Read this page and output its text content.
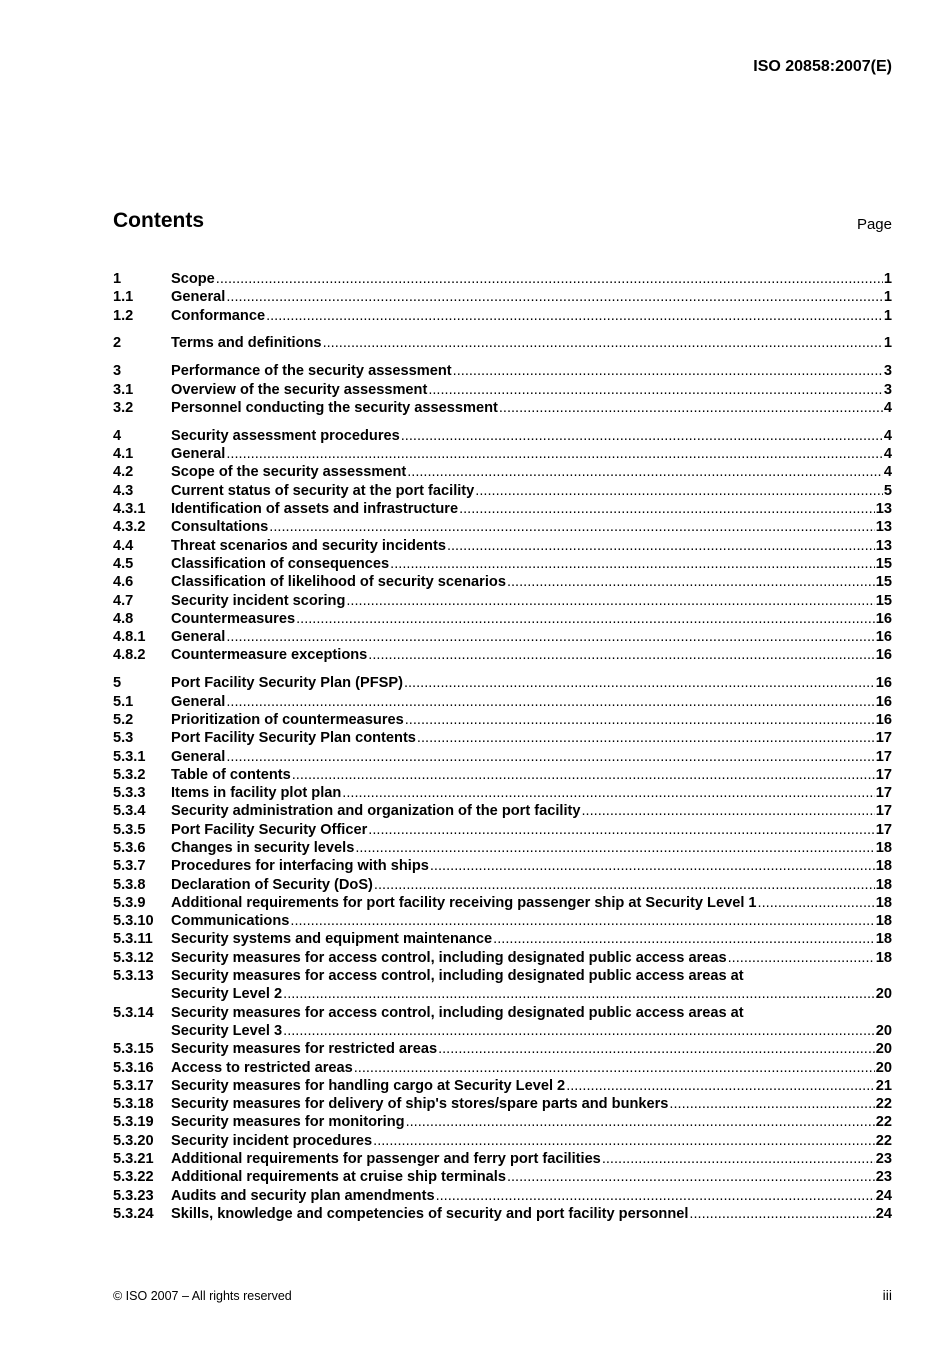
ISO 20858:2007(E)
Contents	Page
1	Scope .....	1
1.1	General .....	1
1.2	Conformance .....	1
2	Terms and definitions .....	1
3	Performance of the security assessment .....	3
3.1	Overview of the security assessment .....	3
3.2	Personnel conducting the security assessment .....	4
4	Security assessment procedures .....	4
4.1	General .....	4
4.2	Scope of the security assessment .....	4
4.3	Current status of security at the port facility .....	5
4.3.1	Identification of assets and infrastructure .....	13
4.3.2	Consultations .....	13
4.4	Threat scenarios and security incidents .....	13
4.5	Classification of consequences .....	15
4.6	Classification of likelihood of security scenarios .....	15
4.7	Security incident scoring .....	15
4.8	Countermeasures .....	16
4.8.1	General .....	16
4.8.2	Countermeasure exceptions .....	16
5	Port Facility Security Plan (PFSP) .....	16
5.1	General .....	16
5.2	Prioritization of countermeasures .....	16
5.3	Port Facility Security Plan contents .....	17
5.3.1	General .....	17
5.3.2	Table of contents .....	17
5.3.3	Items in facility plot plan .....	17
5.3.4	Security administration and organization of the port facility .....	17
5.3.5	Port Facility Security Officer .....	17
5.3.6	Changes in security levels .....	18
5.3.7	Procedures for interfacing with ships .....	18
5.3.8	Declaration of Security (DoS) .....	18
5.3.9	Additional requirements for port facility receiving passenger ship at Security Level 1 .....	18
5.3.10	Communications .....	18
5.3.11	Security systems and equipment maintenance .....	18
5.3.12	Security measures for access control, including designated public access areas .....	18
5.3.13	Security measures for access control, including designated public access areas at
Security Level 2 .....	20
5.3.14	Security measures for access control, including designated public access areas at
Security Level 3 .....	20
5.3.15	Security measures for restricted areas .....	20
5.3.16	Access to restricted areas .....	20
5.3.17	Security measures for handling cargo at Security Level 2 .....	21
5.3.18	Security measures for delivery of ship's stores/spare parts and bunkers .....	22
5.3.19	Security measures for monitoring .....	22
5.3.20	Security incident procedures .....	22
5.3.21	Additional requirements for passenger and ferry port facilities .....	23
5.3.22	Additional requirements at cruise ship terminals .....	23
5.3.23	Audits and security plan amendments .....	24
5.3.24	Skills, knowledge and competencies of security and port facility personnel .....	24
© ISO 2007 – All rights reserved	iii
